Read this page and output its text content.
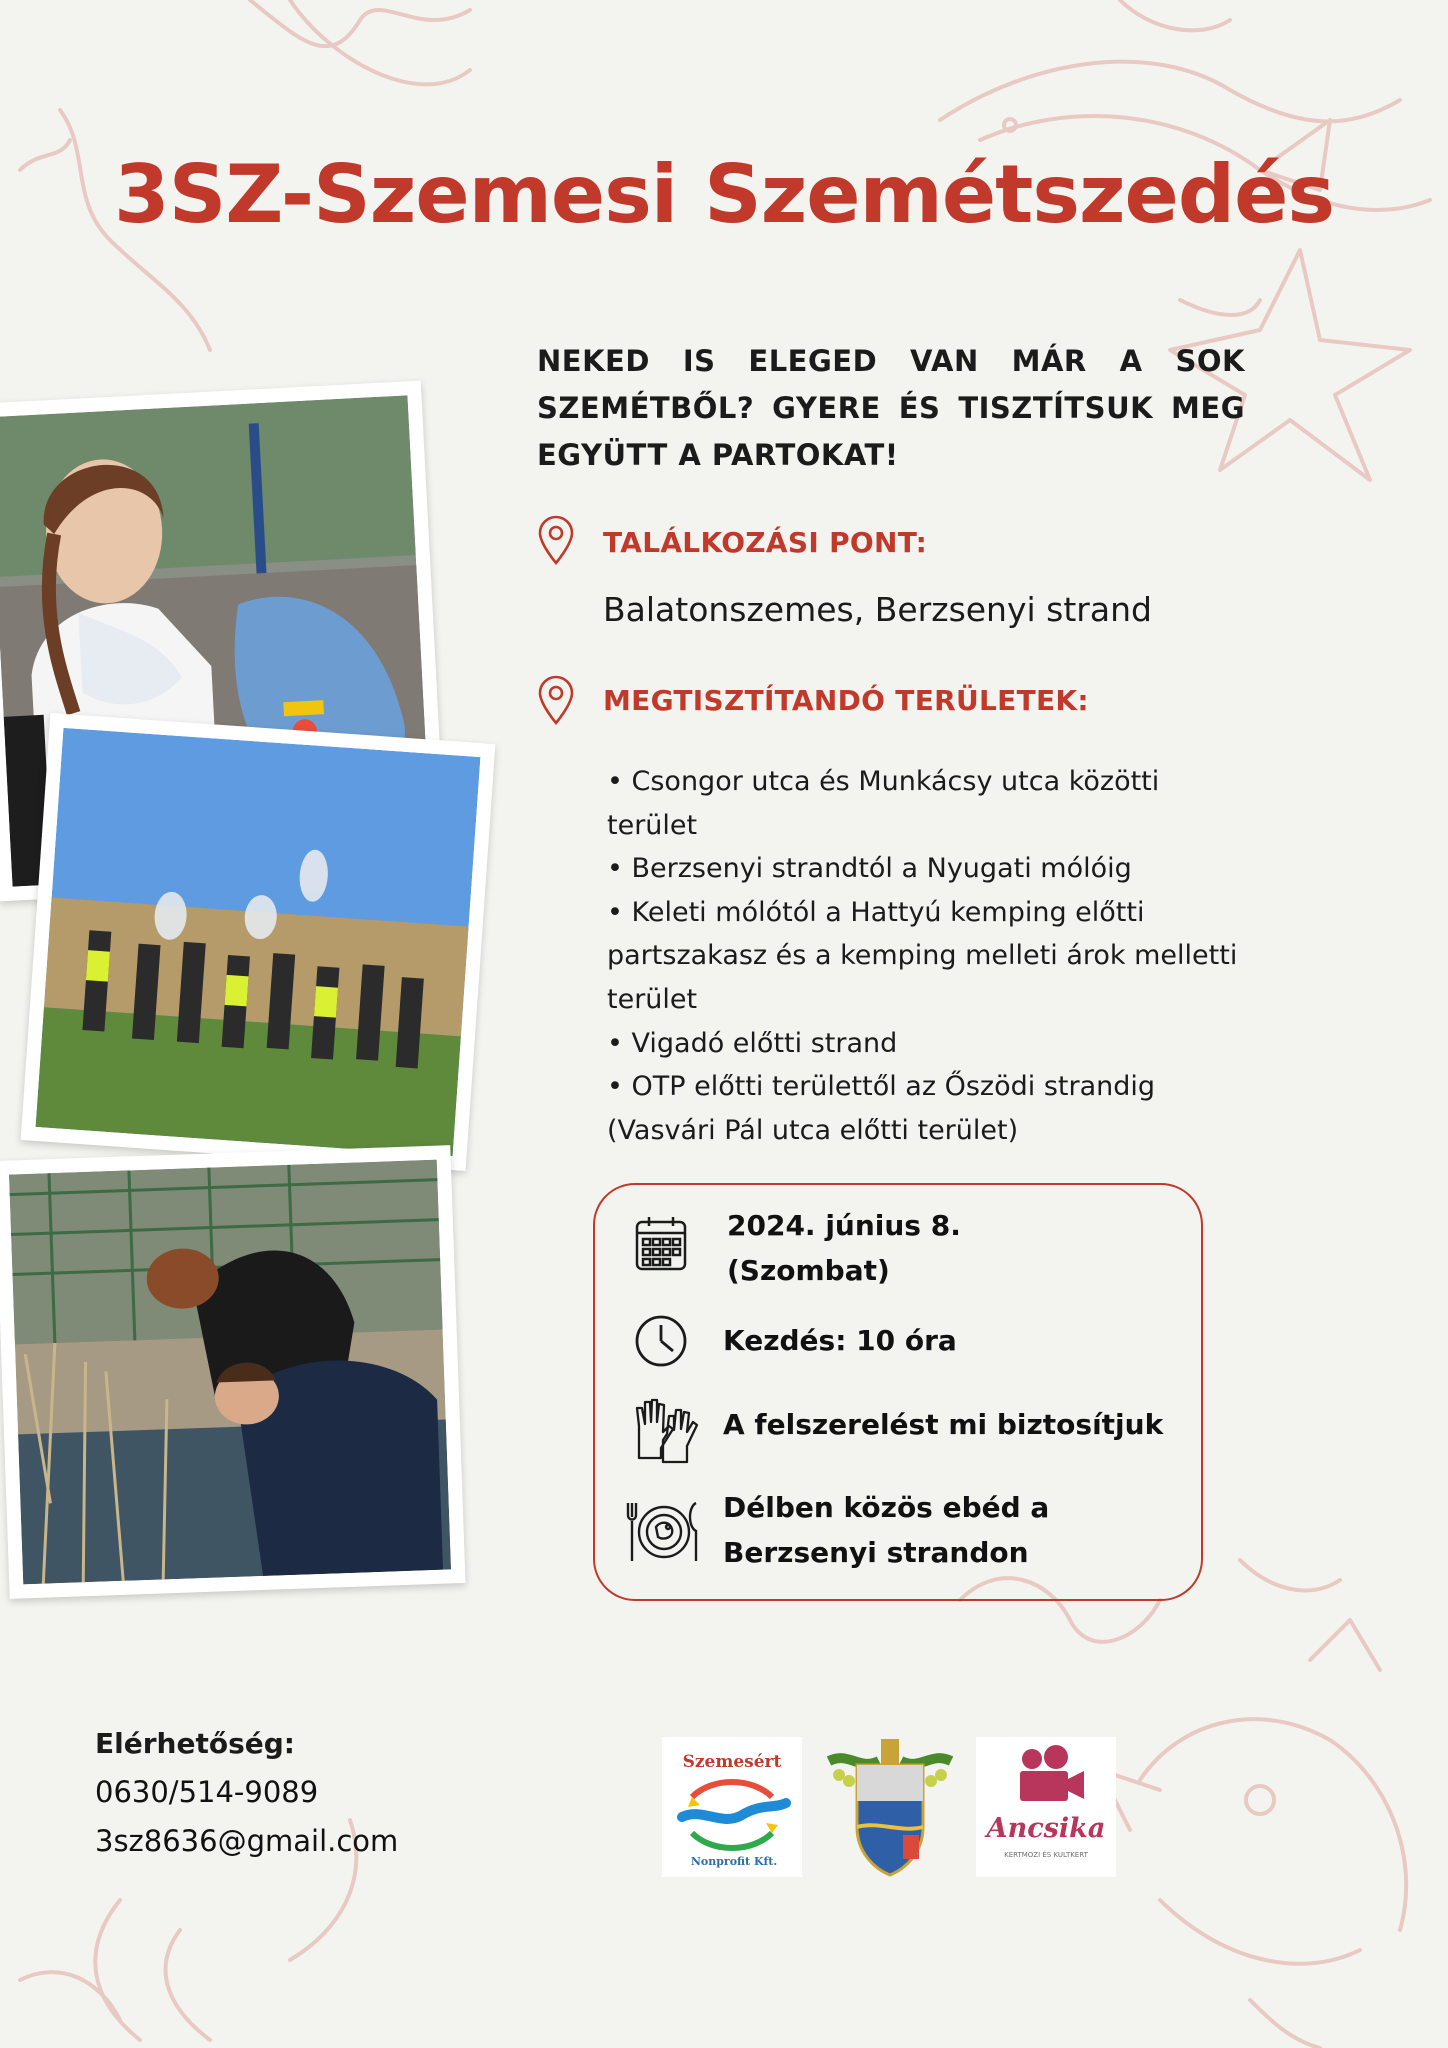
3SZ-Szemesi Szemétszedés

NEKED IS ELEGED VAN MÁR A SOK SZEMÉTBŐL? GYERE ÉS TISZTÍTSUK MEG EGYÜTT A PARTOKAT!

TALÁLKOZÁSI PONT:
Balatonszemes, Berzsenyi strand
MEGTISZTÍTANDÓ TERÜLETEK:
• Csongor utca és Munkácsy utca közötti terület
• Berzsenyi strandtól a Nyugati mólóig
• Keleti mólótól a Hattyú kemping előtti partszakasz és a kemping melleti árok melletti terület
• Vigadó előtti strand
• OTP előtti területtől az Őszödi strandig (Vasvári Pál utca előtti terület)
2024. június 8.
(Szombat)
Kezdés: 10 óra
A felszerelést mi biztosítjuk
Délben közös ebéd a
Berzsenyi strandon
Elérhetőség:
0630/514-9089
3sz8636@gmail.com
Szemesért
Nonprofit Kft.
Ancsika
KERTMOZI ÉS KULTKERT
